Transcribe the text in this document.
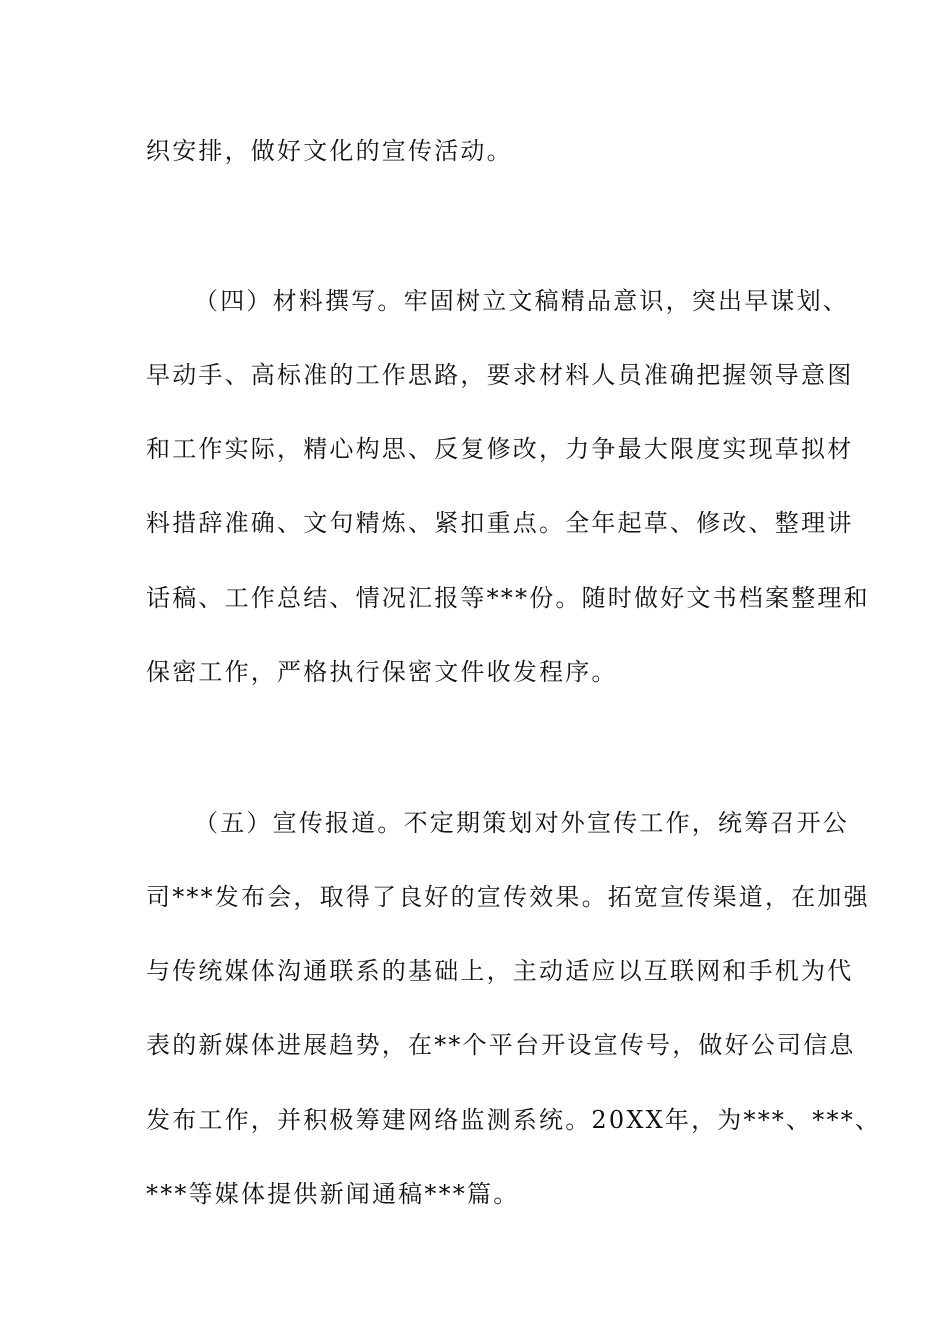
织安排，做好文化的宣传活动。
（四）材料撰写。牢固树立文稿精品意识，突出早谋划、
早动手、高标准的工作思路，要求材料人员准确把握领导意图
和工作实际，精心构思、反复修改，力争最大限度实现草拟材
料措辞准确、文句精炼、紧扣重点。全年起草、修改、整理讲
话稿、工作总结、情况汇报等***份。随时做好文书档案整理和
保密工作，严格执行保密文件收发程序。
（五）宣传报道。不定期策划对外宣传工作，统筹召开公
司***发布会，取得了良好的宣传效果。拓宽宣传渠道，在加强
与传统媒体沟通联系的基础上，主动适应以互联网和手机为代
表的新媒体进展趋势，在**个平台开设宣传号，做好公司信息
发布工作，并积极筹建网络监测系统。20XX年，为***、***、
***等媒体提供新闻通稿***篇。
